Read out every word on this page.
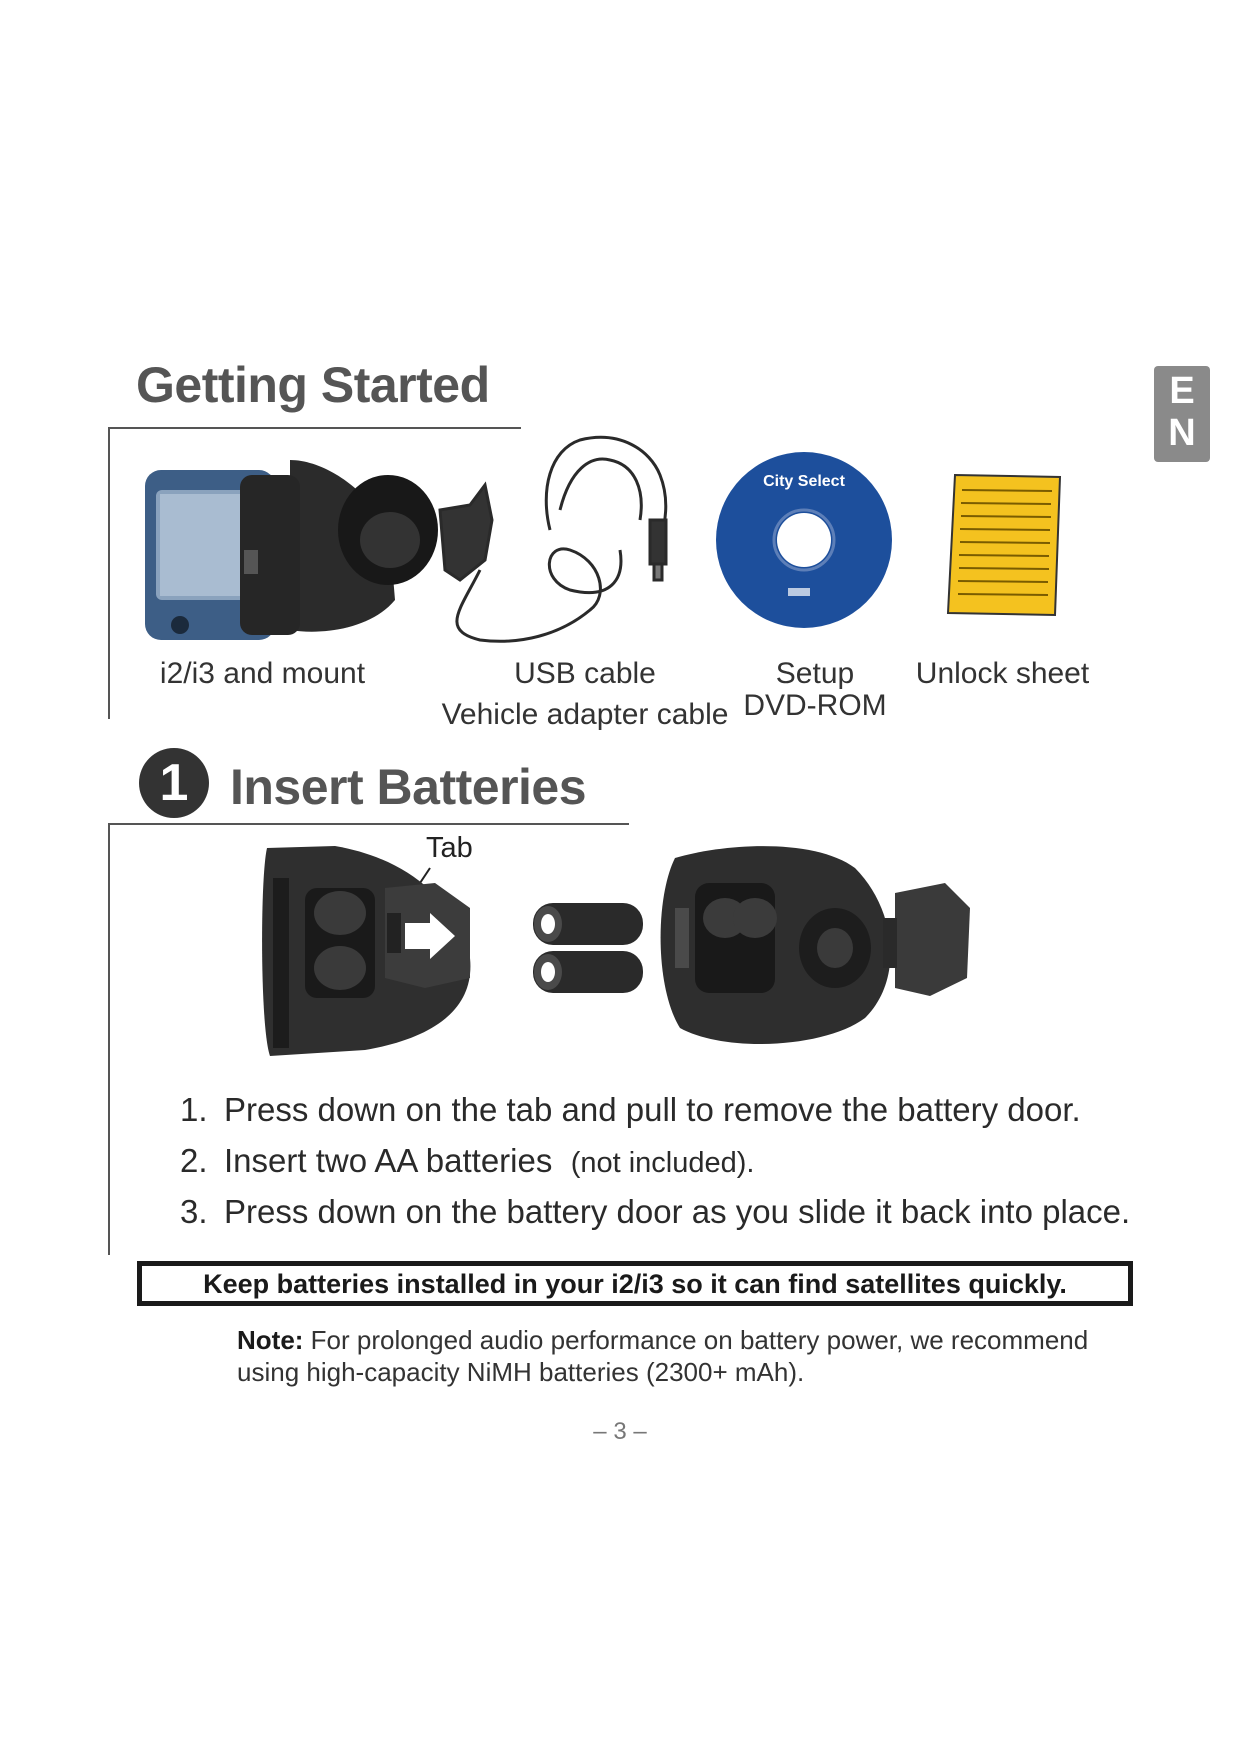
E
N
Getting Started
City Select
i2/i3 and mount	USB cable
Vehicle adapter cable
Setup
DVD-ROM
Unlock sheet
1 Insert Batteries
Tab
1. Press down on the tab and pull to remove the battery door.
2. Insert two AA batteries (not included).
3. Press down on the battery door as you slide it back into place.
Keep batteries installed in your i2/i3 so it can find satellites quickly.
Note: For prolonged audio performance on battery power, we recommend using high-capacity NiMH batteries (2300+ mAh).
– 3 –
